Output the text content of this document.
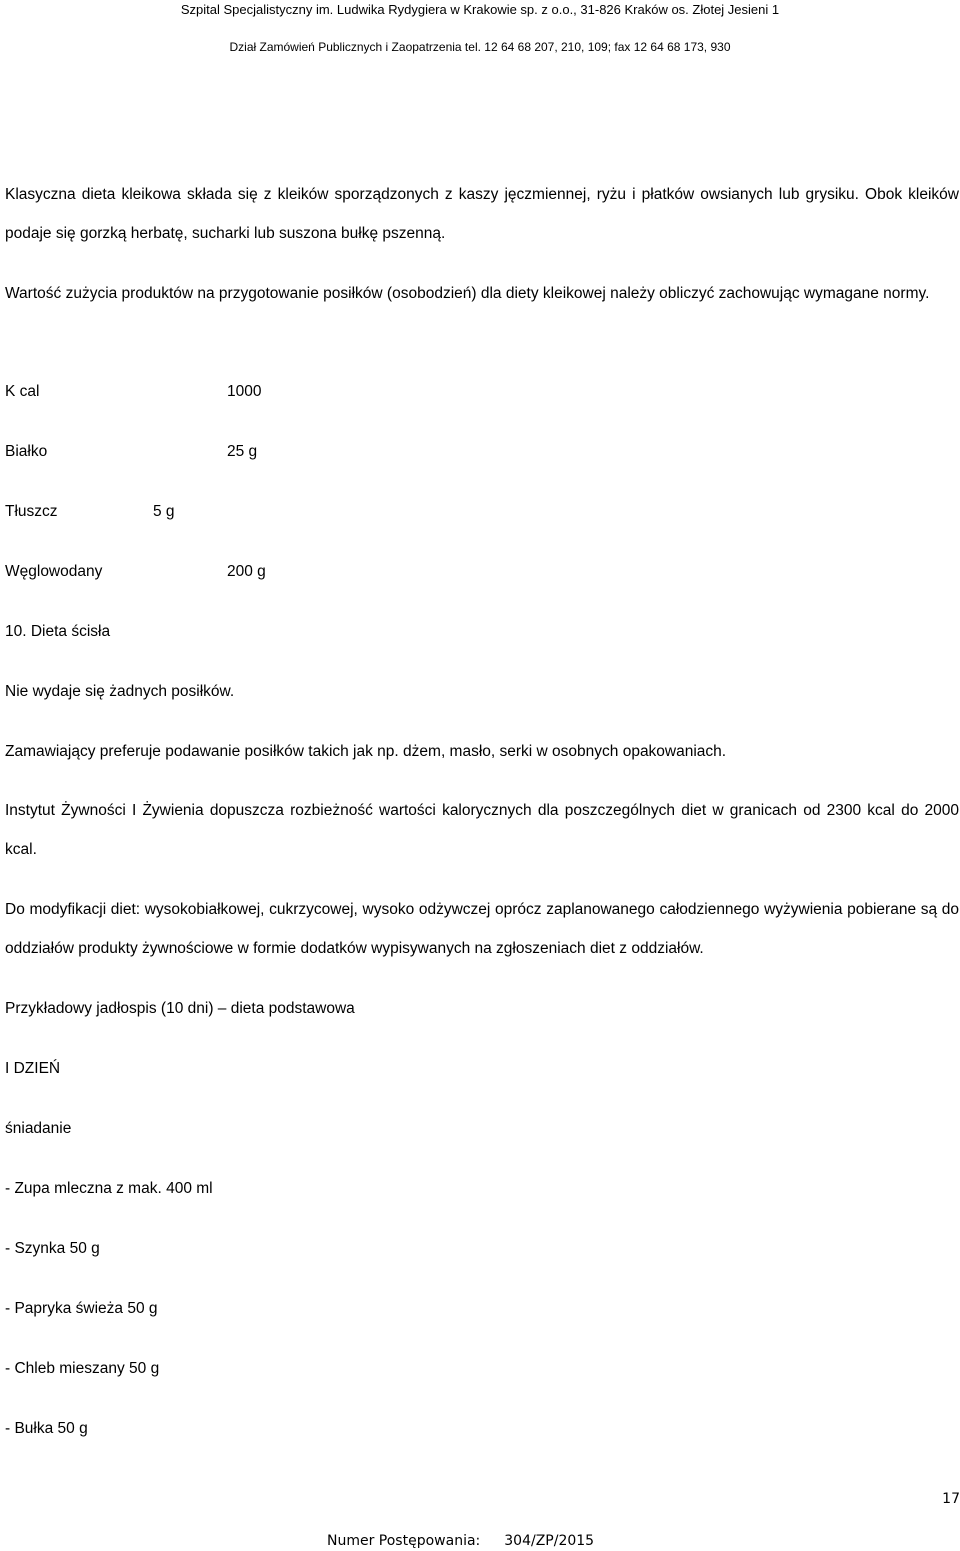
Szpital Specjalistyczny im. Ludwika Rydygiera w Krakowie sp. z o.o., 31-826 Kraków os. Złotej Jesieni 1
Dział Zamówień Publicznych i Zaopatrzenia tel. 12 64 68 207, 210, 109; fax 12 64 68 173, 930
Klasyczna dieta kleikowa składa się z kleików sporządzonych z kaszy jęczmiennej, ryżu i płatków owsianych lub grysiku. Obok kleików podaje się gorzką herbatę, sucharki lub suszona bułkę pszenną.
Wartość zużycia produktów na przygotowanie posiłków (osobodzień) dla diety kleikowej należy obliczyć zachowując wymagane normy.
K cal	1000
Białko	25 g
Tłuszcz	5 g
Węglowodany	200 g
10. Dieta ścisła
Nie wydaje się żadnych posiłków.
Zamawiający preferuje podawanie posiłków takich jak np. dżem, masło, serki w osobnych opakowaniach.
Instytut Żywności I Żywienia dopuszcza rozbieżność wartości kalorycznych dla poszczególnych diet w granicach od 2300 kcal do 2000 kcal.
Do modyfikacji diet: wysokobiałkowej, cukrzycowej, wysoko odżywczej oprócz zaplanowanego całodziennego wyżywienia pobierane są do oddziałów produkty żywnościowe w formie dodatków wypisywanych na zgłoszeniach diet z oddziałów.
Przykładowy jadłospis (10 dni) – dieta podstawowa
I DZIEŃ
śniadanie
- Zupa mleczna z mak. 400 ml
- Szynka 50 g
- Papryka świeża 50 g
- Chleb mieszany 50 g
- Bułka 50 g
17
Numer Postępowania: 304/ZP/2015
